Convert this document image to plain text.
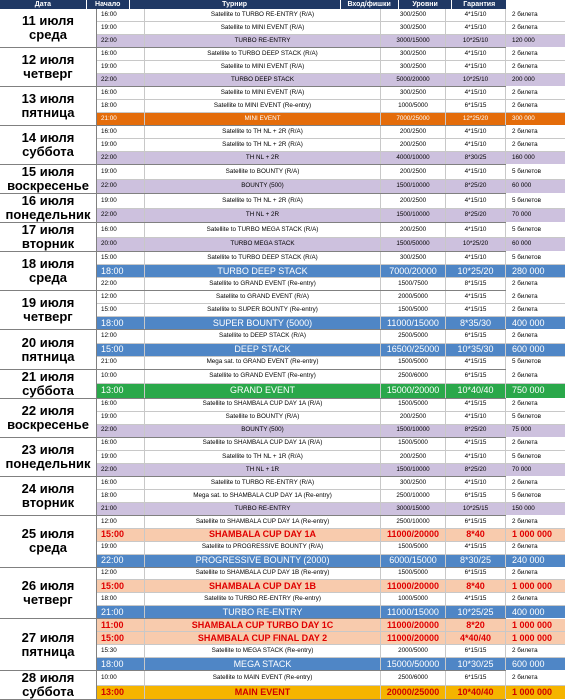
Дата	Начало	Турнир	Вход/фишки	Уровни	Гарантия
11 июля
среда
16:00	Satellite to TURBO RE-ENTRY (R/A)	300/2500	4*15/10	2 билета
19:00	Satellite to MINI EVENT (R/A)	300/2500	4*15/10	2 билета
22:00	TURBO RE-ENTRY	3000/15000	10*25/10	120 000
12 июля
четверг
16:00	Satellite to TURBO DEEP STACK (R/A)	300/2500	4*15/10	2 билета
19:00	Satellite to MINI EVENT (R/A)	300/2500	4*15/10	2 билета
22:00	TURBO DEEP STACK	5000/20000	10*25/10	200 000
13 июля
пятница
16:00	Satellite to MINI EVENT (R/A)	300/2500	4*15/10	2 билета
18:00	Satellite to MINI EVENT (Re-entry)	1000/5000	6*15/15	2 билета
21:00	MINI EVENT	7000/25000	12*25/20	300 000
14 июля
суббота
16:00	Satellite to TH NL + 2R (R/A)	200/2500	4*15/10	2 билета
19:00	Satellite to TH NL + 2R (R/A)	200/2500	4*15/10	2 билета
22:00	TH NL + 2R	4000/10000	8*30/25	160 000
15 июля
воскресенье
19:00	Satellite to BOUNTY (R/A)	200/2500	4*15/10	5 билетов
22:00	BOUNTY (500)	1500/10000	8*25/20	60 000
16 июля
понедельник
19:00	Satellite to TH NL + 2R (R/A)	200/2500	4*15/10	5 билетов
22:00	TH NL + 2R	1500/10000	8*25/20	70 000
17 июля
вторник
16:00	Satellite to TURBO MEGA STACK (R/A)	200/2500	4*15/10	5 билетов
20:00	TURBO MEGA STACK	1500/50000	10*25/20	60 000
18 июля
среда
15:00	Satellite to TURBO DEEP STACK (R/A)	300/2500	4*15/10	5 билетов
18:00	TURBO DEEP STACK	7000/20000	10*25/20	280 000
22:00	Satellite to GRAND EVENT (Re-entry)	1500/7500	8*15/15	2 билета
19 июля
четверг
12:00	Satellite to GRAND EVENT (R/A)	2000/5000	4*15/15	2 билета
15:00	Satellite to SUPER BOUNTY (Re-entry)	1500/5000	4*15/15	2 билета
18:00	SUPER BOUNTY (5000)	11000/15000	8*35/30	400 000
20 июля
пятница
12:00	Satellite to DEEP STACK (R/A)	2500/5000	6*15/15	2 билета
15:00	DEEP STACK	16500/25000	10*35/30	600 000
21:00	Mega sat. to GRAND EVENT (Re-entry)	1500/5000	4*15/15	5 билетов
21 июля
суббота
10:00	Satellite to GRAND EVENT (Re-entry)	2500/6000	6*15/15	2 билета
13:00	GRAND EVENT	15000/20000	10*40/40	750 000
22 июля
воскресенье
16:00	Satellite to SHAMBALA CUP DAY 1A (R/A)	1500/5000	4*15/15	2 билета
19:00	Satellite to BOUNTY (R/A)	200/2500	4*15/10	5 билетов
22:00	BOUNTY (500)	1500/10000	8*25/20	75 000
23 июля
понедельник
16:00	Satellite to SHAMBALA CUP DAY 1A (R/A)	1500/5000	4*15/15	2 билета
19:00	Satellite to TH NL + 1R (R/A)	200/2500	4*15/10	5 билетов
22:00	TH NL + 1R	1500/10000	8*25/20	70 000
24 июля
вторник
16:00	Satellite to TURBO RE-ENTRY (R/A)	300/2500	4*15/10	2 билета
18:00	Mega sat. to SHAMBALA CUP DAY 1A (Re-entry)	2500/10000	6*15/15	5 билетов
21:00	TURBO RE-ENTRY	3000/15000	10*25/15	150 000
25 июля
среда
12:00	Satellite to SHAMBALA CUP DAY 1A (Re-entry)	2500/10000	6*15/15	2 билета
15:00	SHAMBALA CUP DAY 1A	11000/20000	8*40	1 000 000
19:00	Satellite to PROGRESSIVE BOUNTY (R/A)	1500/5000	4*15/15	2 билета
22:00	PROGRESSIVE BOUNTY (2000)	6000/15000	8*30/25	240 000
26 июля
четверг
12:00	Satellite to SHAMBALA CUP DAY 1B (Re-entry)	1500/5000	6*15/15	2 билета
15:00	SHAMBALA CUP DAY 1B	11000/20000	8*40	1 000 000
18:00	Satellite to TURBO RE-ENTRY (Re-entry)	1000/5000	4*15/15	2 билета
21:00	TURBO RE-ENTRY	11000/15000	10*25/25	400 000
27 июля
пятница
11:00	SHAMBALA CUP TURBO DAY 1C	11000/20000	8*20	1 000 000
15:00	SHAMBALA CUP FINAL DAY 2	11000/20000	4*40/40	1 000 000
15:30	Satellite to MEGA STACK (Re-entry)	2000/5000	6*15/15	2 билета
18:00	MEGA STACK	15000/50000	10*30/25	600 000
28 июля
суббота
10:00	Satellite to MAIN EVENT (Re-entry)	2500/6000	6*15/15	2 билета
13:00	MAIN EVENT	20000/25000	10*40/40	1 000 000
